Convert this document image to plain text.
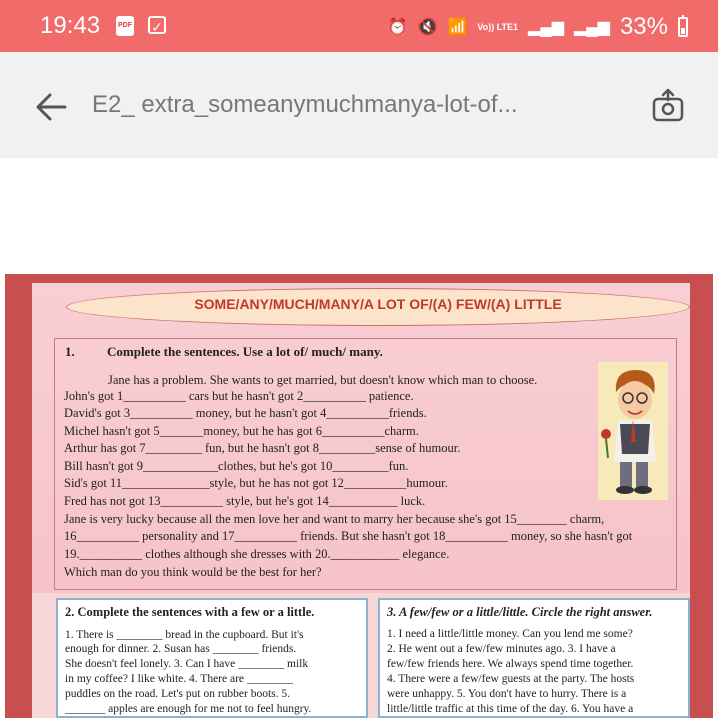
19:43	PDF ✓	⏰ 🔇 📶 Vo)) LTE1 ▂▄▆ ▂▄▆ 33%
E2_ extra_someanymuchmanya-lot-of...
SOME/ANY/MUCH/MANY/A LOT OF/(A) FEW/(A) LITTLE
1. Complete the sentences. Use a lot of/ much/ many.
Jane has a problem. She wants to get married, but doesn't know which man to choose.
John's got 1__________ cars but he hasn't got 2__________ patience.
David's got 3__________ money, but he hasn't got 4__________friends.
Michel hasn't got 5_______money, but he has got 6__________charm.
Arthur has got 7_________ fun, but he hasn't got 8_________sense of humour.
Bill hasn't got 9____________clothes, but he's got 10_________fun.
Sid's got 11______________style, but he has not got 12__________humour.
Fred has not got 13__________ style, but he's got 14___________ luck.
Jane is very lucky because all the men love her and want to marry her because she's got 15________ charm,
16__________ personality and 17__________ friends. But she hasn't got 18__________ money, so she hasn't got
19.__________ clothes although she dresses with 20.___________ elegance.
Which man do you think would be the best for her?
2. Complete the sentences with a few or a little.
1. There is ________ bread in the cupboard. But it's
enough for dinner. 2. Susan has ________ friends.
She doesn't feel lonely. 3. Can I have ________ milk
in my coffee? I like white. 4. There are ________
puddles on the road. Let's put on rubber boots. 5.
_______ apples are enough for me not to feel hungry.
3. A few/few or a little/little. Circle the right answer.
1. I need a little/little money. Can you lend me some?
2. He went out a few/few minutes ago. 3. I have a
few/few friends here. We always spend time together.
4. There were a few/few guests at the party. The hosts
were unhappy. 5. You don't have to hurry. There is a
little/little traffic at this time of the day. 6. You have a
